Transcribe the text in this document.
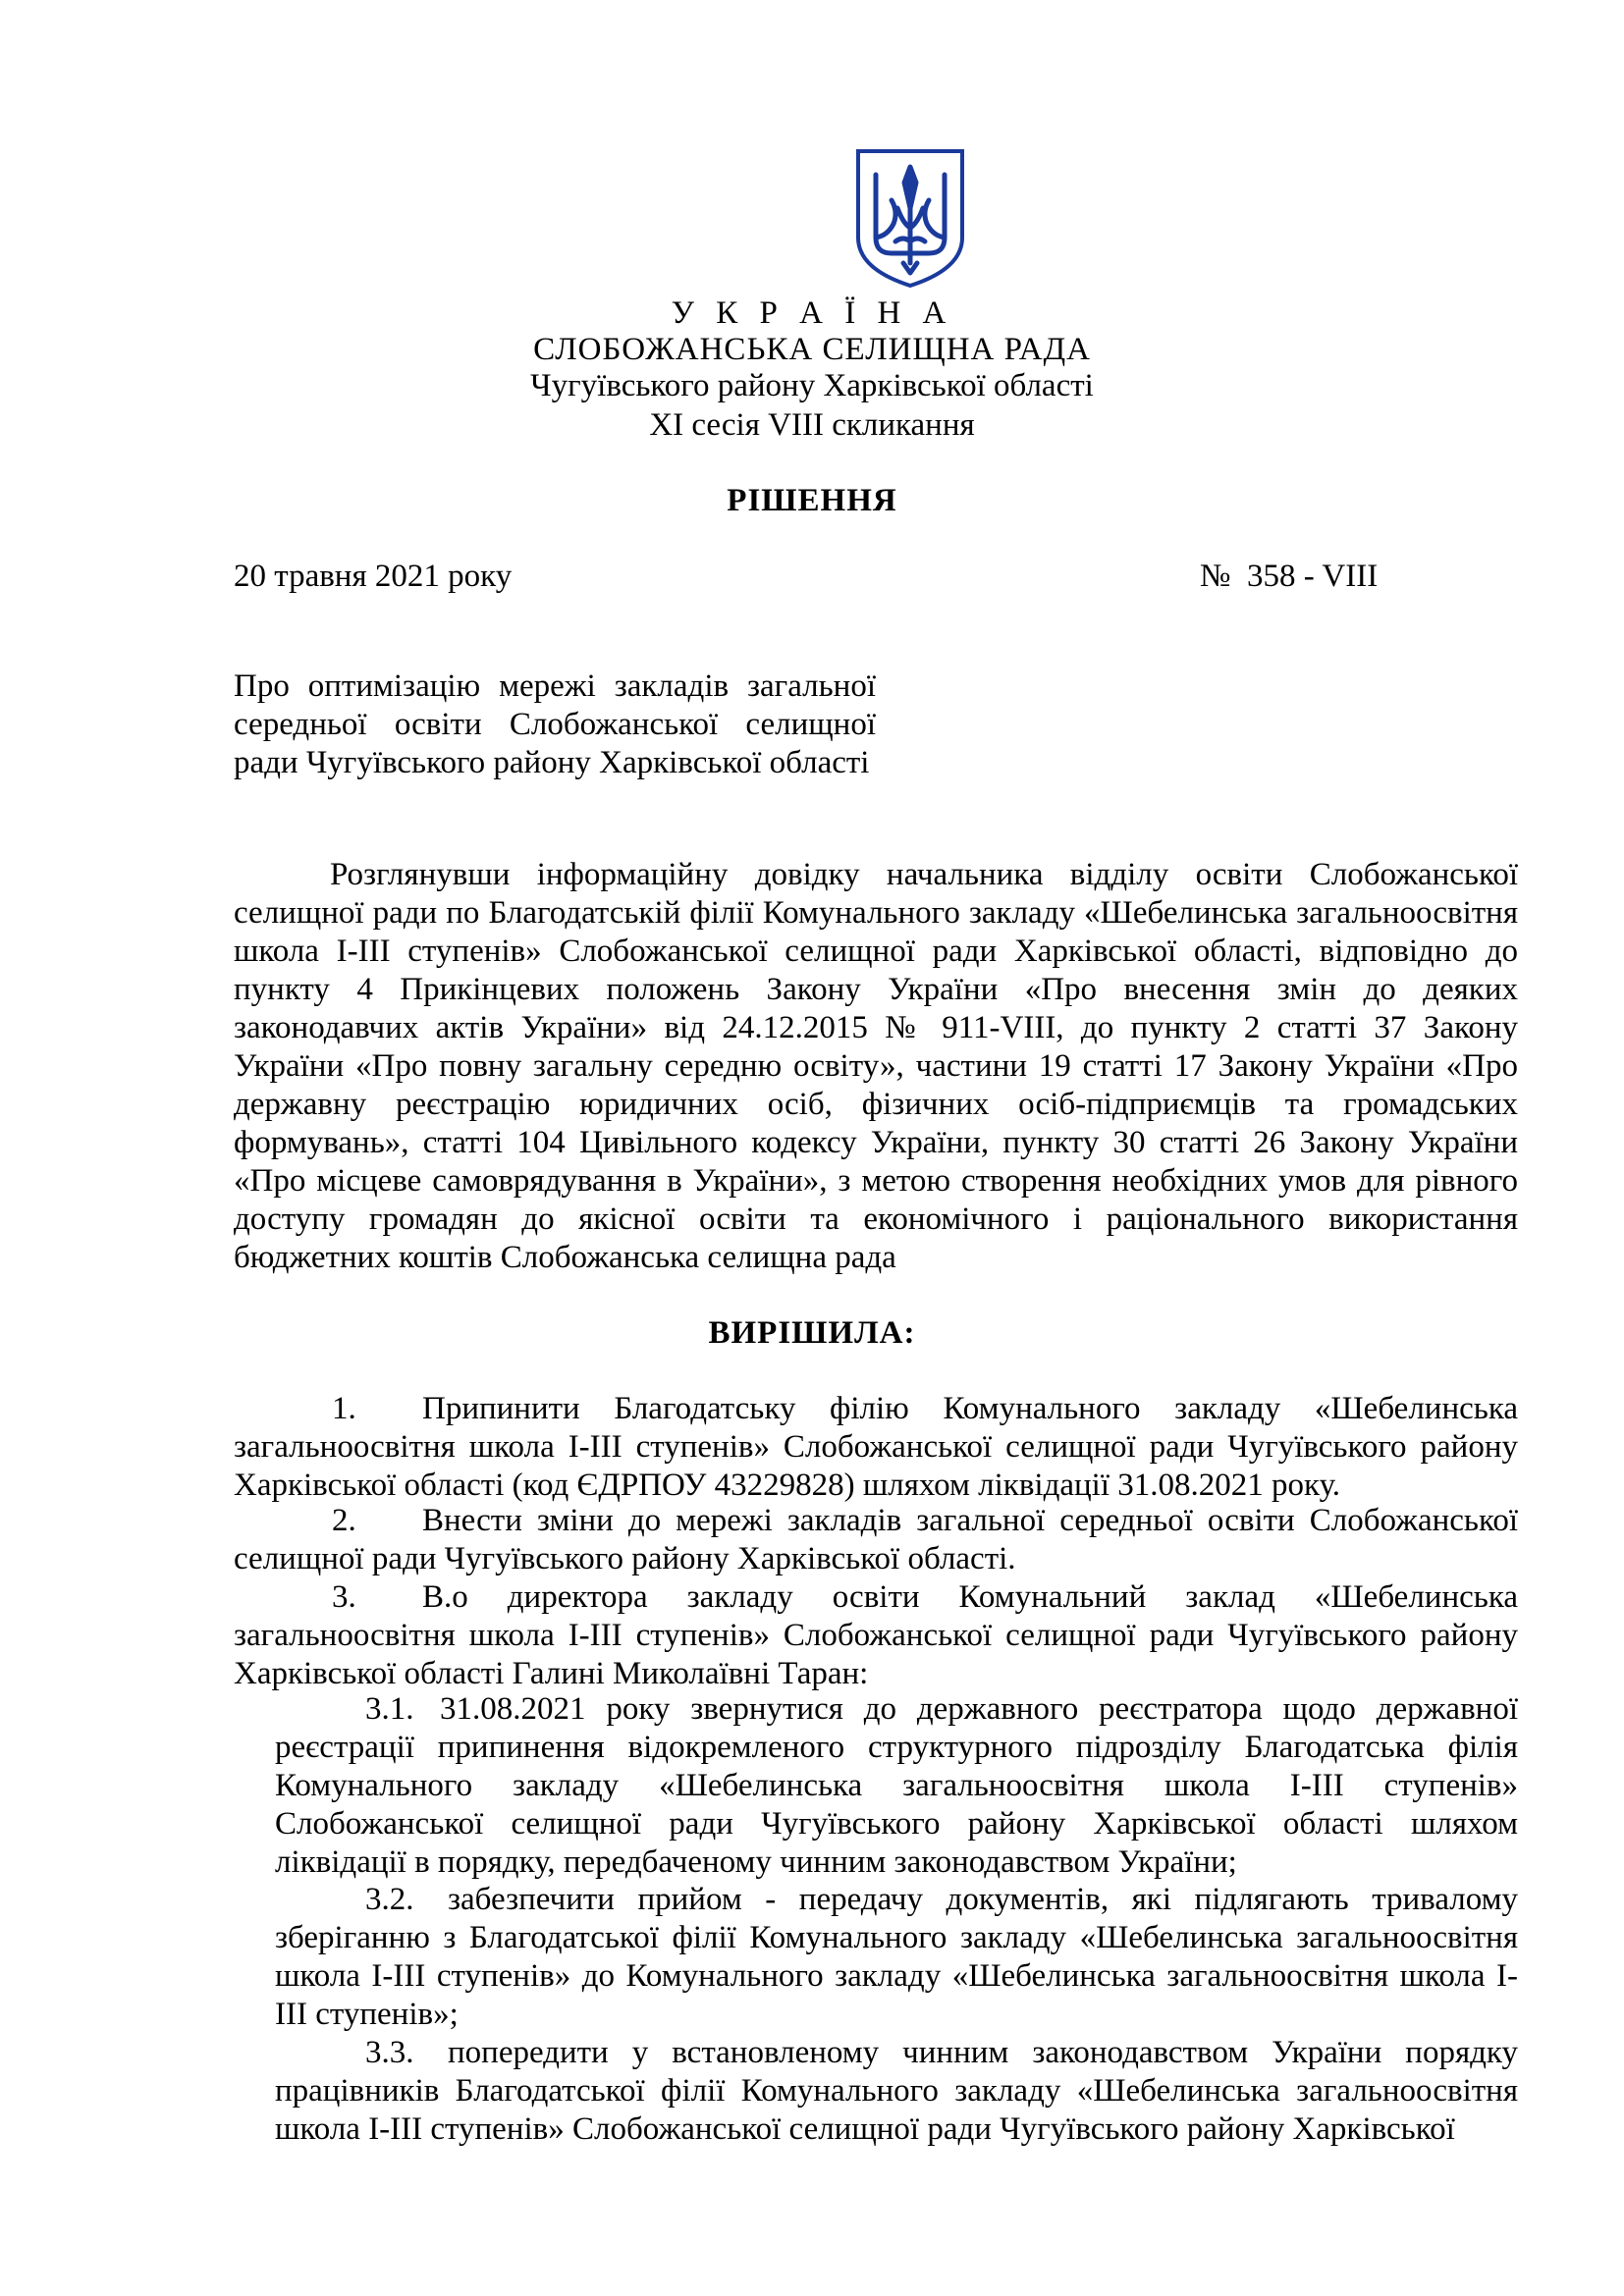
У К Р А Ї Н А
СЛОБОЖАНСЬКА СЕЛИЩНА РАДА
Чугуївського району Харківської області
XI сесія VIII скликання
РІШЕННЯ
20 травня 2021 року	№  358 - VIII
Про оптимізацію мережі закладів загальної середньої освіти Слобожанської селищної ради Чугуївського району Харківської області

Розглянувши інформаційну довідку начальника відділу освіти Слобожанської селищної ради по Благодатській філії Комунального закладу «Шебелинська загальноосвітня школа І-ІІІ ступенів» Слобожанської селищної ради Харківської області, відповідно до пункту 4 Прикінцевих положень Закону України «Про внесення змін до деяких законодавчих актів України» від 24.12.2015 № 911-VIII, до пункту 2 статті 37 Закону України «Про повну загальну середню освіту», частини 19 статті 17 Закону України «Про державну реєстрацію юридичних осіб, фізичних осіб-підприємців та громадських формувань», статті 104 Цивільного кодексу України, пункту 30 статті 26 Закону України «Про місцеве самоврядування в України», з метою створення необхідних умов для рівного доступу громадян до якісної освіти та економічного і раціонального використання бюджетних коштів Слобожанська селищна рада

ВИРІШИЛА:

1. Припинити Благодатську філію Комунального закладу «Шебелинська загальноосвітня школа І-ІІІ ступенів» Слобожанської селищної ради Чугуївського району Харківської області (код ЄДРПОУ 43229828) шляхом ліквідації 31.08.2021 року.

2. Внести зміни до мережі закладів загальної середньої освіти Слобожанської селищної ради Чугуївського району Харківської області.

3. В.о директора закладу освіти Комунальний заклад «Шебелинська загальноосвітня школа І-ІІІ ступенів» Слобожанської селищної ради Чугуївського району Харківської області Галині Миколаївні Таран:

3.1. 31.08.2021 року звернутися до державного реєстратора щодо державної реєстрації припинення відокремленого структурного підрозділу Благодатська філія Комунального закладу «Шебелинська загальноосвітня школа І-ІІІ ступенів» Слобожанської селищної ради Чугуївського району Харківської області шляхом ліквідації в порядку, передбаченому чинним законодавством України;

3.2. забезпечити прийом - передачу документів, які підлягають тривалому зберіганню з Благодатської філії Комунального закладу «Шебелинська загальноосвітня школа І-ІІІ ступенів» до Комунального закладу «Шебелинська загальноосвітня школа І-ІІІ ступенів»;

3.3. попередити у встановленому чинним законодавством України порядку працівників Благодатської філії Комунального закладу «Шебелинська загальноосвітня школа І-ІІІ ступенів» Слобожанської селищної ради Чугуївського району Харківської
